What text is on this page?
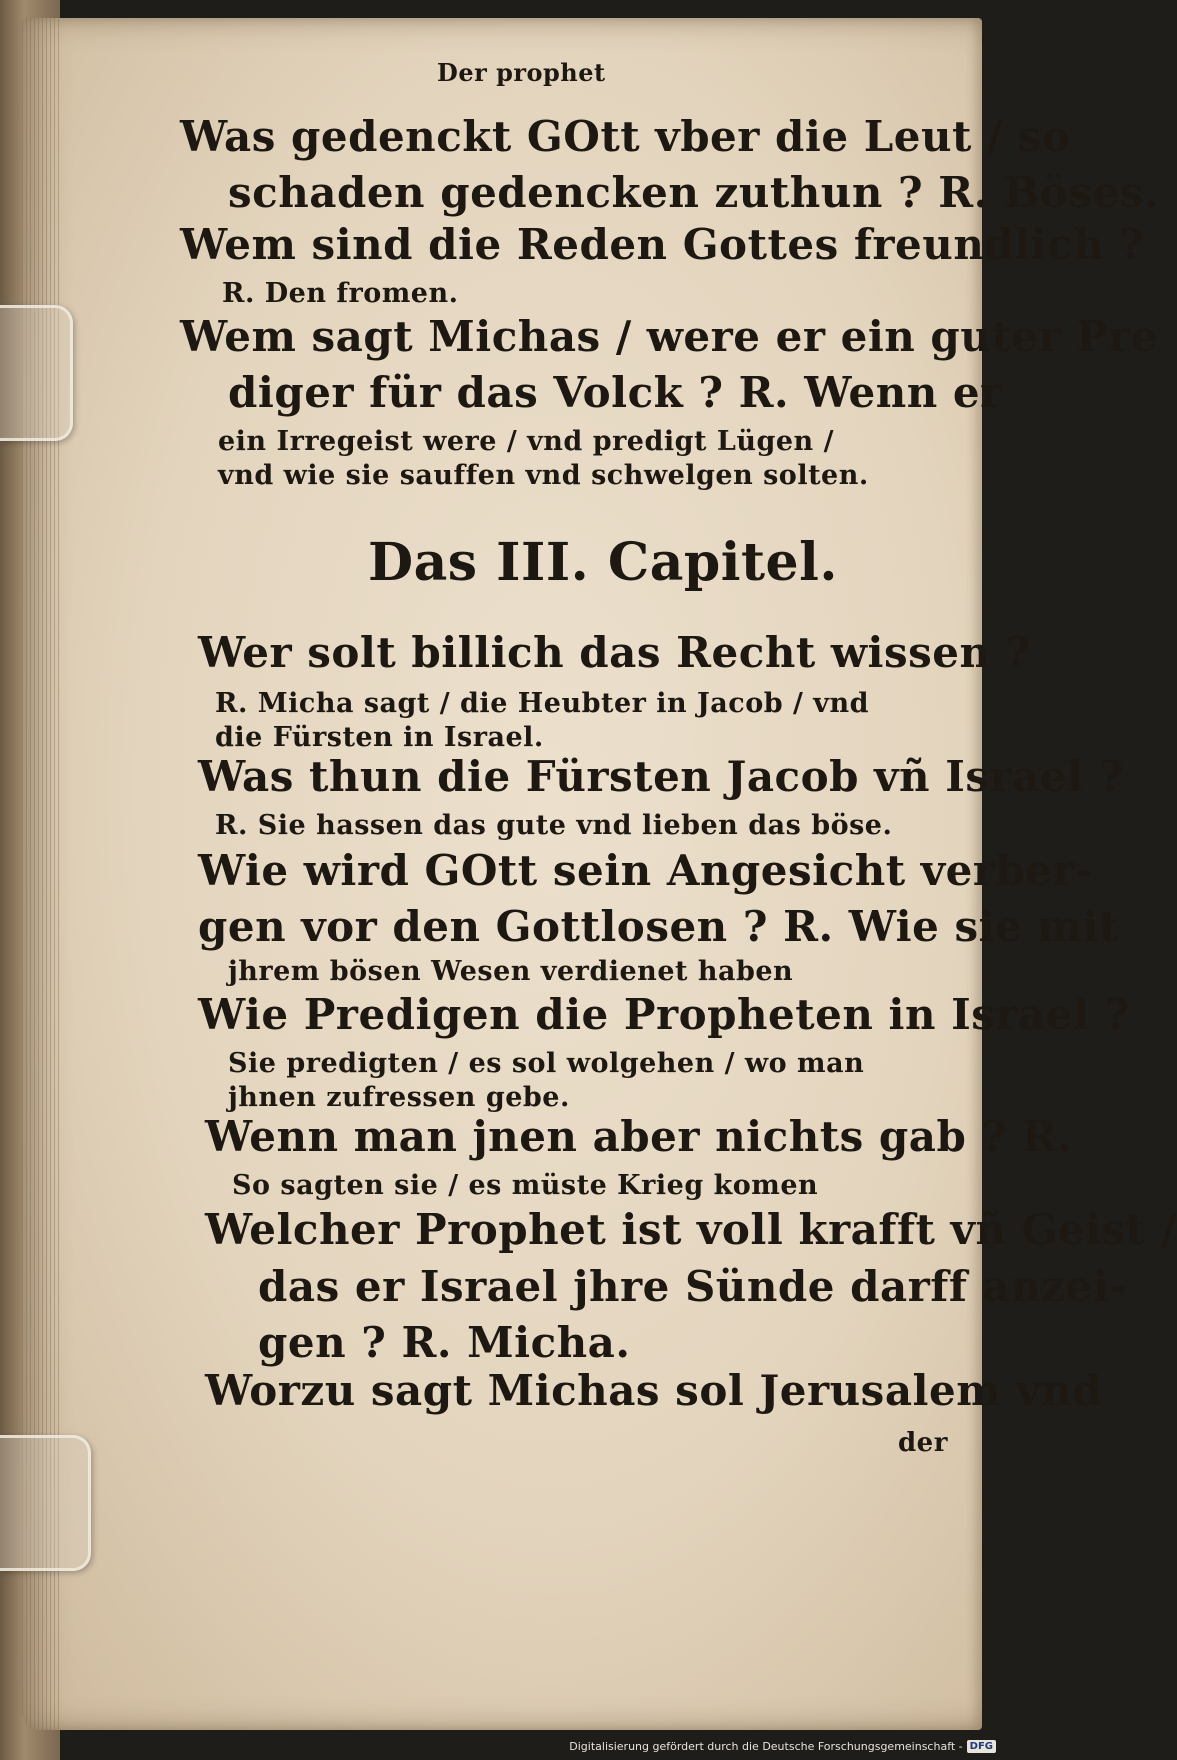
Der prophet
Was gedenckt GOtt vber die Leut / so
schaden gedencken zuthun ? R. Böses.
Wem sind die Reden Gottes freundlich ?
R. Den fromen.
Wem sagt Michas / were er ein guter Pre
diger für das Volck ? R. Wenn er
ein Irregeist were / vnd predigt Lügen /
vnd wie sie sauffen vnd schwelgen solten.
Das III. Capitel.
Wer solt billich das Recht wissen ?
R. Micha sagt / die Heubter in Jacob / vnd
die Fürsten in Israel.
Was thun die Fürsten Jacob vñ Israel ?
R. Sie hassen das gute vnd lieben das böse.
Wie wird GOtt sein Angesicht verber-
gen vor den Gottlosen ? R. Wie sie mit
jhrem bösen Wesen verdienet haben
Wie Predigen die Propheten in Israel ?
Sie predigten / es sol wolgehen / wo man
jhnen zufressen gebe.
Wenn man jnen aber nichts gab ? R.
So sagten sie / es müste Krieg komen
Welcher Prophet ist voll krafft vñ Geist /
das er Israel jhre Sünde darff anzei-
gen ? R. Micha.
Worzu sagt Michas sol Jerusalem vnd
der
Digitalisierung gefördert durch die Deutsche Forschungsgemeinschaft - DFG
